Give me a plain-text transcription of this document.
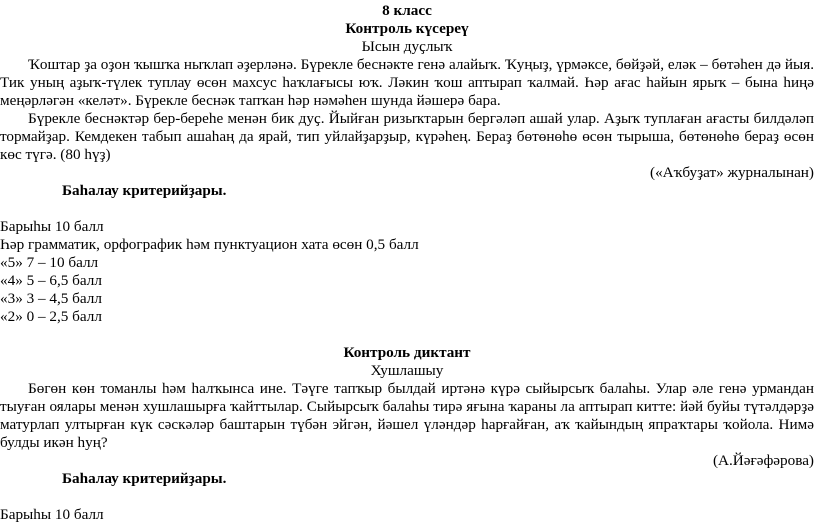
8 класс
Контроль күсереү
Ысын дуҫлыҡ

Ҡоштар ҙа оҙон ҡышҡа ныҡлап әҙерләнә. Бүрекле беснәкте генә алайыҡ. Ҡуңыҙ, үрмәксе, бөйҙәй, еләк – бөтәһен дә йыя. Тик уның аҙыҡ-түлек туплау өсөн махсус һаҡлағысы юҡ. Ләкин ҡош аптырап ҡалмай. Һәр ағас һайын ярыҡ – бына һиңә меңәрләгән «келәт». Бүрекле беснәк тапҡан һәр нәмәһен шунда йәшерә бара.

Бүрекле беснәктәр бер-береһе менән бик дуҫ. Йыйған ризыҡтарын бергәләп ашай улар. Аҙыҡ туплаған ағасты билдәләп тормайҙар. Кемдекен табып ашаһаң да ярай, тип уйлайҙарҙыр, күрәһең. Бераҙ бөтөнөһө өсөн тырыша, бөтөнөһө бераҙ өсөн көс түгә. (80 һүҙ)

(«Аҡбуҙат» журналынан)
Баһалау критерийҙары.

Барыһы 10 балл

Һәр грамматик, орфографик һәм пунктуацион хата өсөн 0,5 балл

«5» 7 – 10 балл

«4» 5 – 6,5 балл

«3» 3 – 4,5 балл

«2» 0 – 2,5 балл

Контроль диктант
Хушлашыу

Бөгөн көн томанлы һәм һалҡынса ине. Тәүге тапҡыр былдай иртәнә күрә сыйырсыҡ балаһы. Улар әле генә урмандан тыуған оялары менән хушлашырға ҡайттылар. Сыйырсыҡ балаһы тирә яғына ҡараны ла аптырап китте: йәй буйы түтәлдәрҙә матурлап ултырған күк сәскәләр баштарын түбән эйгән, йәшел үләндәр һарғайған, аҡ ҡайындың япраҡтары ҡойола. Нимә булды икән һуң?

(А.Йәғәфәрова)
Баһалау критерийҙары.

Барыһы 10 балл
